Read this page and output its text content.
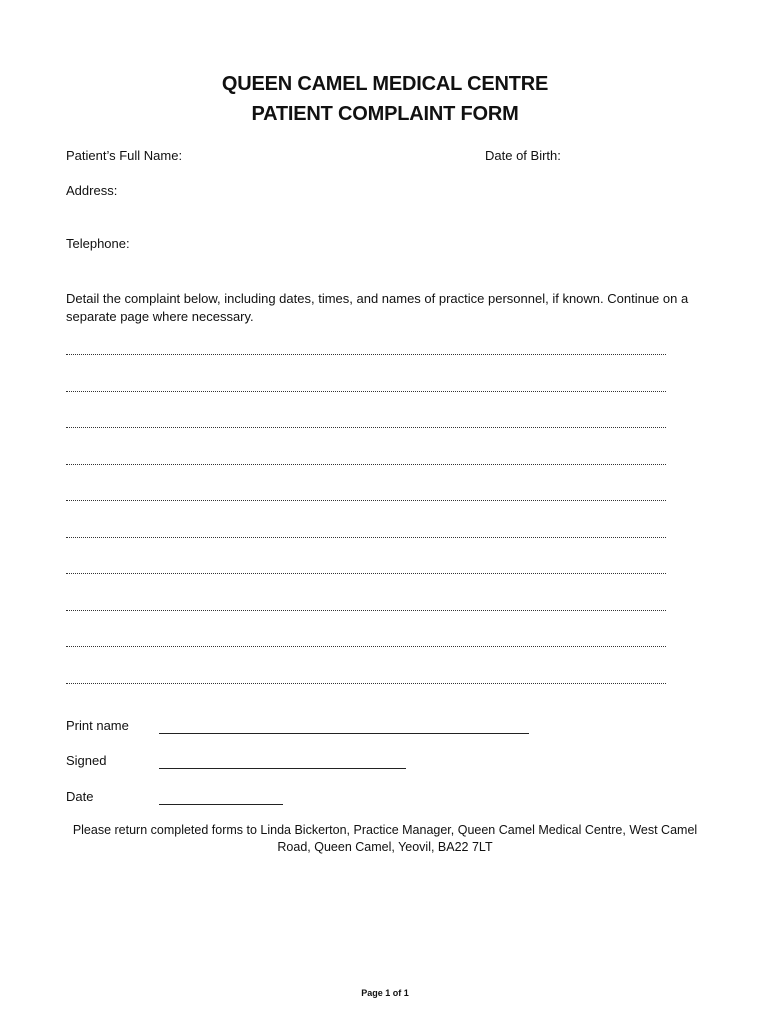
QUEEN CAMEL MEDICAL CENTRE
PATIENT COMPLAINT FORM
Patient’s Full Name:	Date of Birth:
Address:
Telephone:
Detail the complaint below, including dates, times, and names of practice personnel, if known. Continue on a separate page where necessary.
Print name
Signed
Date
Please return completed forms to Linda Bickerton, Practice Manager, Queen Camel Medical Centre, West Camel Road, Queen Camel, Yeovil, BA22 7LT
Page 1 of 1
